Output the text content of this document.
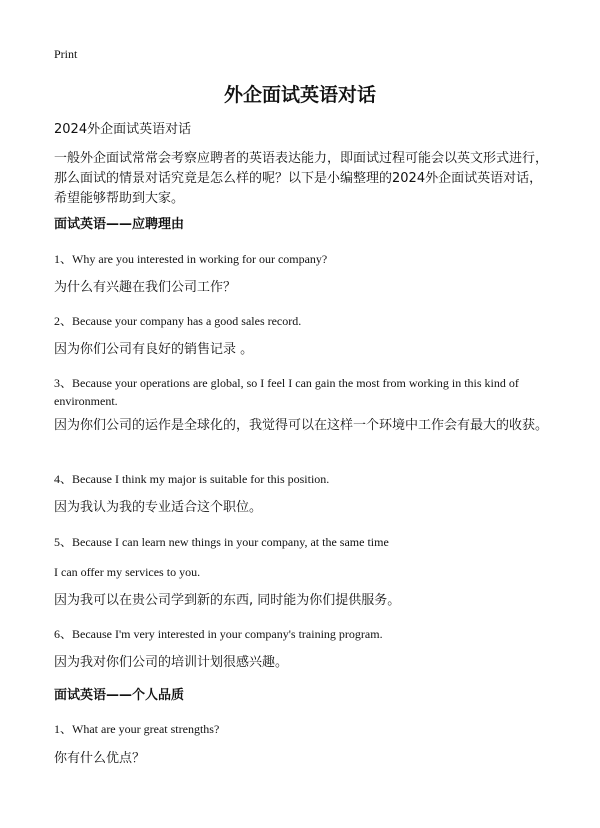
Print
外企面试英语对话

2024外企面试英语对话

一般外企面试常常会考察应聘者的英语表达能力，即面试过程可能会以英文形式进行，那么面试的情景对话究竟是怎么样的呢？以下是小编整理的2024外企面试英语对话，希望能够帮助到大家。

面试英语——应聘理由

1、Why are you interested in working for our company?

为什么有兴趣在我们公司工作？

2、Because your company has a good sales record.

因为你们公司有良好的销售记录 。

3、Because your operations are global, so I feel I can gain the most from working in this kind of environment.

因为你们公司的运作是全球化的，我觉得可以在这样一个环境中工作会有最大的收获。

4、Because I think my major is suitable for this position.

因为我认为我的专业适合这个职位。

5、Because I can learn new things in your company, at the same time

I can offer my services to you.

因为我可以在贵公司学到新的东西, 同时能为你们提供服务。

6、Because I'm very interested in your company's training program.

因为我对你们公司的培训计划很感兴趣。

面试英语——个人品质

1、What are your great strengths?

你有什么优点？
